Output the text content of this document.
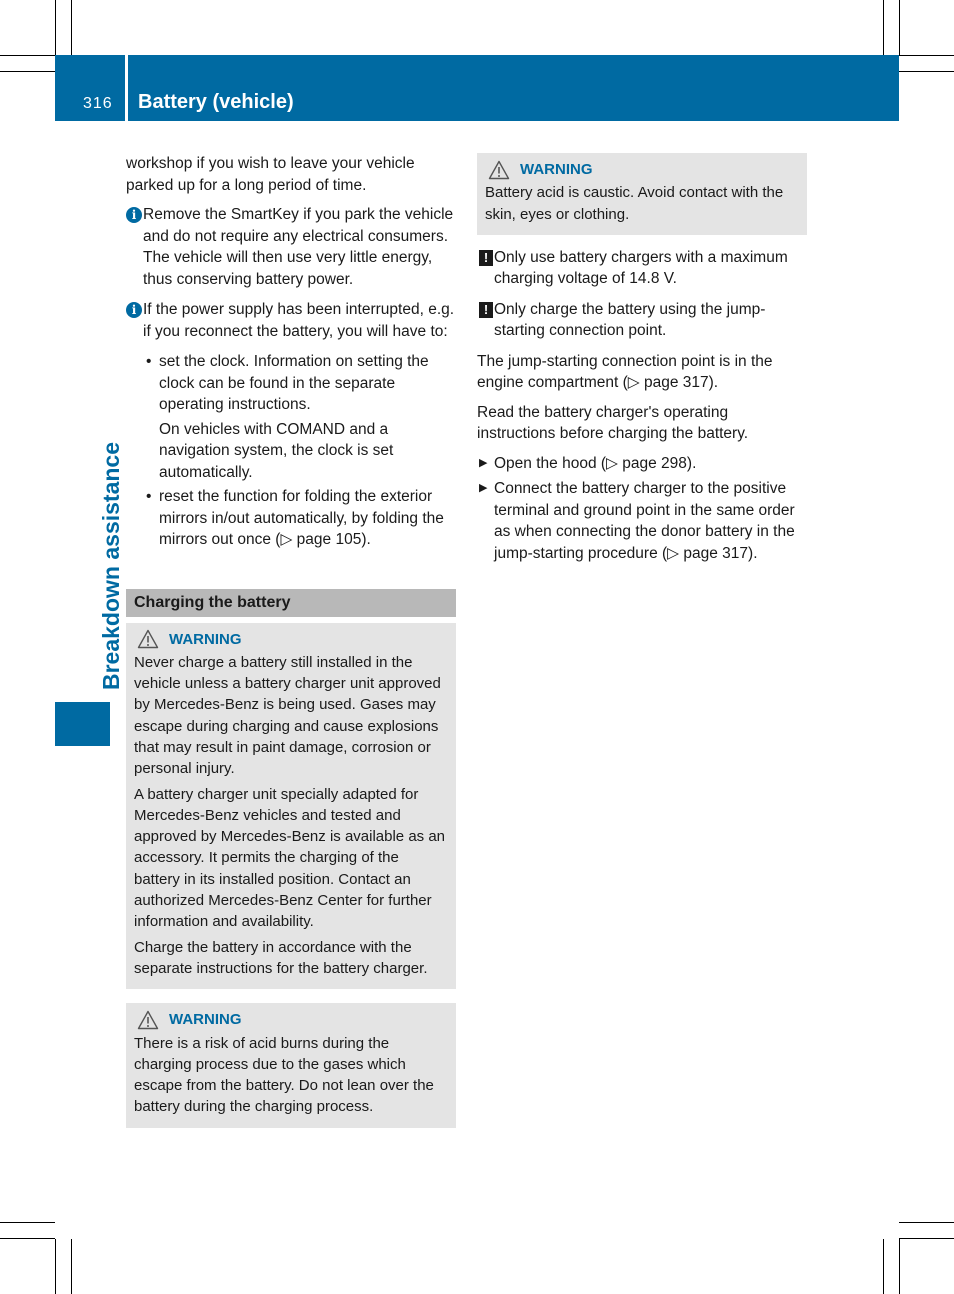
316 Battery (vehicle)
Breakdown assistance

workshop if you wish to leave your vehicle parked up for a long period of time.

i Remove the SmartKey if you park the vehicle and do not require any electrical consumers. The vehicle will then use very little energy, thus conserving battery power.
i If the power supply has been interrupted, e.g. if you reconnect the battery, you will have to:
• set the clock. Information on setting the clock can be found in the separate operating instructions.
On vehicles with COMAND and a navigation system, the clock is set automatically.
• reset the function for folding the exterior mirrors in/out automatically, by folding the mirrors out once (▷ page 105).
Charging the battery
WARNING

Never charge a battery still installed in the vehicle unless a battery charger unit approved by Mercedes-Benz is being used. Gases may escape during charging and cause explosions that may result in paint damage, corrosion or personal injury.

A battery charger unit specially adapted for Mercedes-Benz vehicles and tested and approved by Mercedes-Benz is available as an accessory. It permits the charging of the battery in its installed position. Contact an authorized Mercedes-Benz Center for further information and availability.

Charge the battery in accordance with the separate instructions for the battery charger.

WARNING

There is a risk of acid burns during the charging process due to the gases which escape from the battery. Do not lean over the battery during the charging process.

WARNING

Battery acid is caustic. Avoid contact with the skin, eyes or clothing.

! Only use battery chargers with a maximum charging voltage of 14.8 V.
! Only charge the battery using the jump-starting connection point.

The jump-starting connection point is in the engine compartment (▷ page 317).

Read the battery charger's operating instructions before charging the battery.

▶ Open the hood (▷ page 298).
▶ Connect the battery charger to the positive terminal and ground point in the same order as when connecting the donor battery in the jump-starting procedure (▷ page 317).
